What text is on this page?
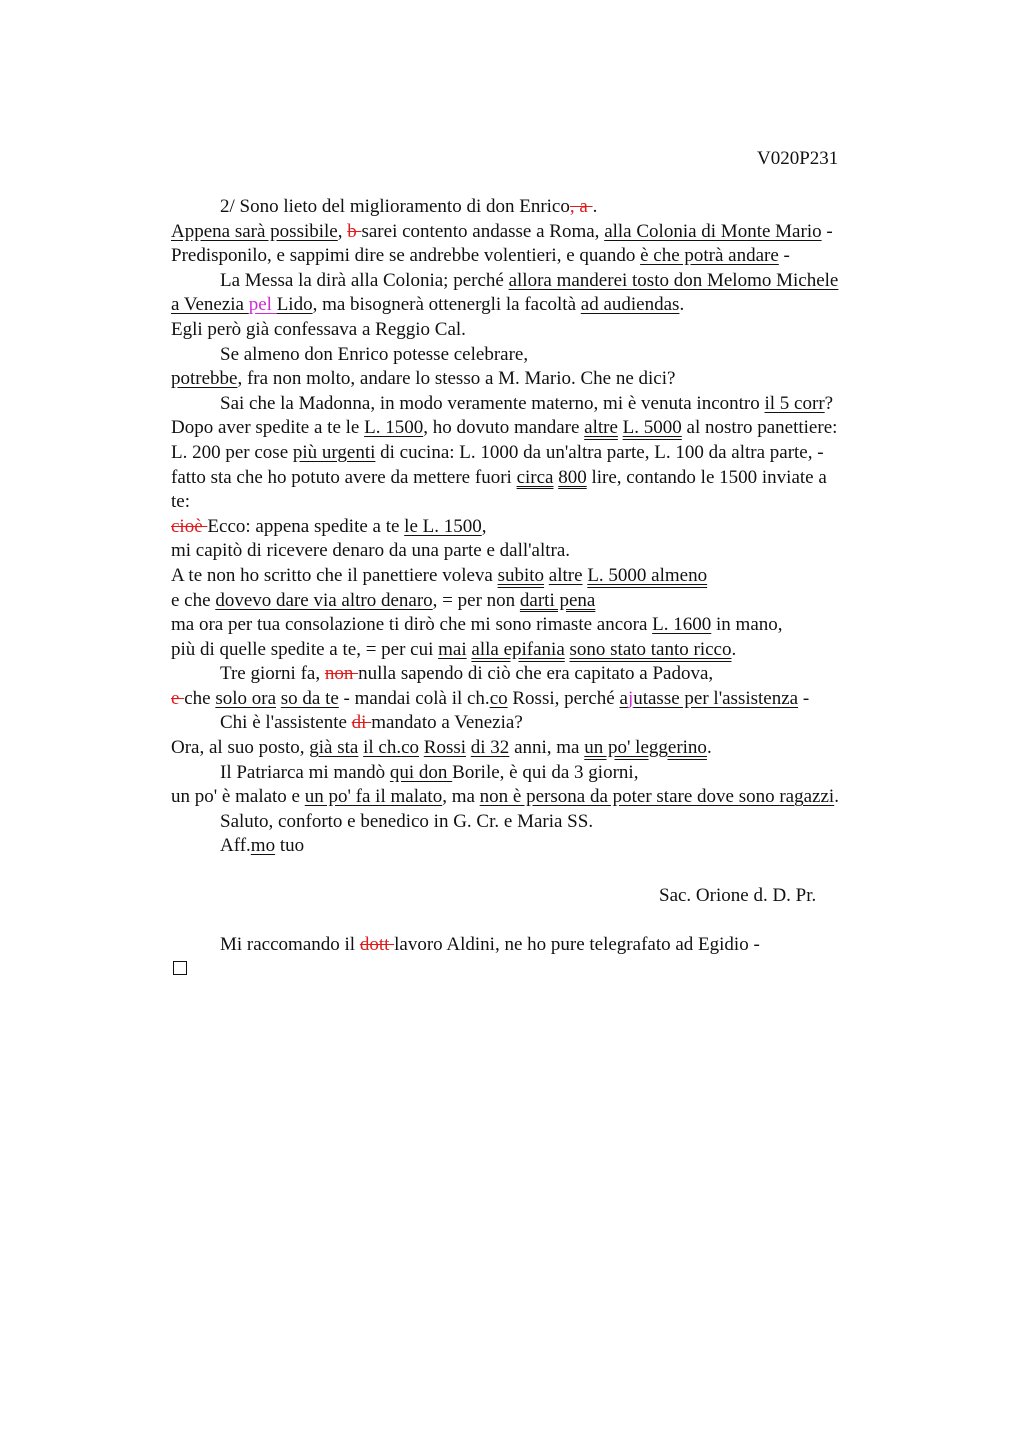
V020P231
2/ Sono lieto del miglioramento di don Enrico, a .
Appena sarà possibile, b sarei contento andasse a Roma, alla Colonia di Monte Mario -
Predisponilo, e sappimi dire se andrebbe volentieri, e quando è che potrà andare -
La Messa la dirà alla Colonia; perché allora manderei tosto don Melomo Michele
a Venezia pel Lido, ma bisognerà ottenergli la facoltà ad audiendas.
Egli però già confessava a Reggio Cal.
Se almeno don Enrico potesse celebrare,
potrebbe, fra non molto, andare lo stesso a M. Mario. Che ne dici?
Sai che la Madonna, in modo veramente materno, mi è venuta incontro il 5 corr?
Dopo aver spedite a te le L. 1500, ho dovuto mandare altre L. 5000 al nostro panettiere:
L. 200 per cose più urgenti di cucina: L. 1000 da un'altra parte, L. 100 da altra parte, -
fatto sta che ho potuto avere da mettere fuori circa 800 lire, contando le 1500 inviate a
te:
cioè Ecco: appena spedite a te le L. 1500,
mi capitò di ricevere denaro da una parte e dall'altra.
A te non ho scritto che il panettiere voleva subito altre L. 5000 almeno
e che dovevo dare via altro denaro, = per non darti pena
ma ora per tua consolazione ti dirò che mi sono rimaste ancora L. 1600 in mano,
più di quelle spedite a te, = per cui mai alla epifania sono stato tanto ricco.
Tre giorni fa, non nulla sapendo di ciò che era capitato a Padova,
e che solo ora so da te - mandai colà il ch.co Rossi, perché ajutasse per l'assistenza -
Chi è l'assistente di mandato a Venezia?
Ora, al suo posto, già sta il ch.co Rossi di 32 anni, ma un po' leggerino.
Il Patriarca mi mandò qui don Borile, è qui da 3 giorni,
un po' è malato e un po' fa il malato, ma non è persona da poter stare dove sono ragazzi.
Saluto, conforto e benedico in G. Cr. e Maria SS.
Aff.mo tuo
Sac. Orione d. D. Pr.
Mi raccomando il dott lavoro Aldini, ne ho pure telegrafato ad Egidio -
